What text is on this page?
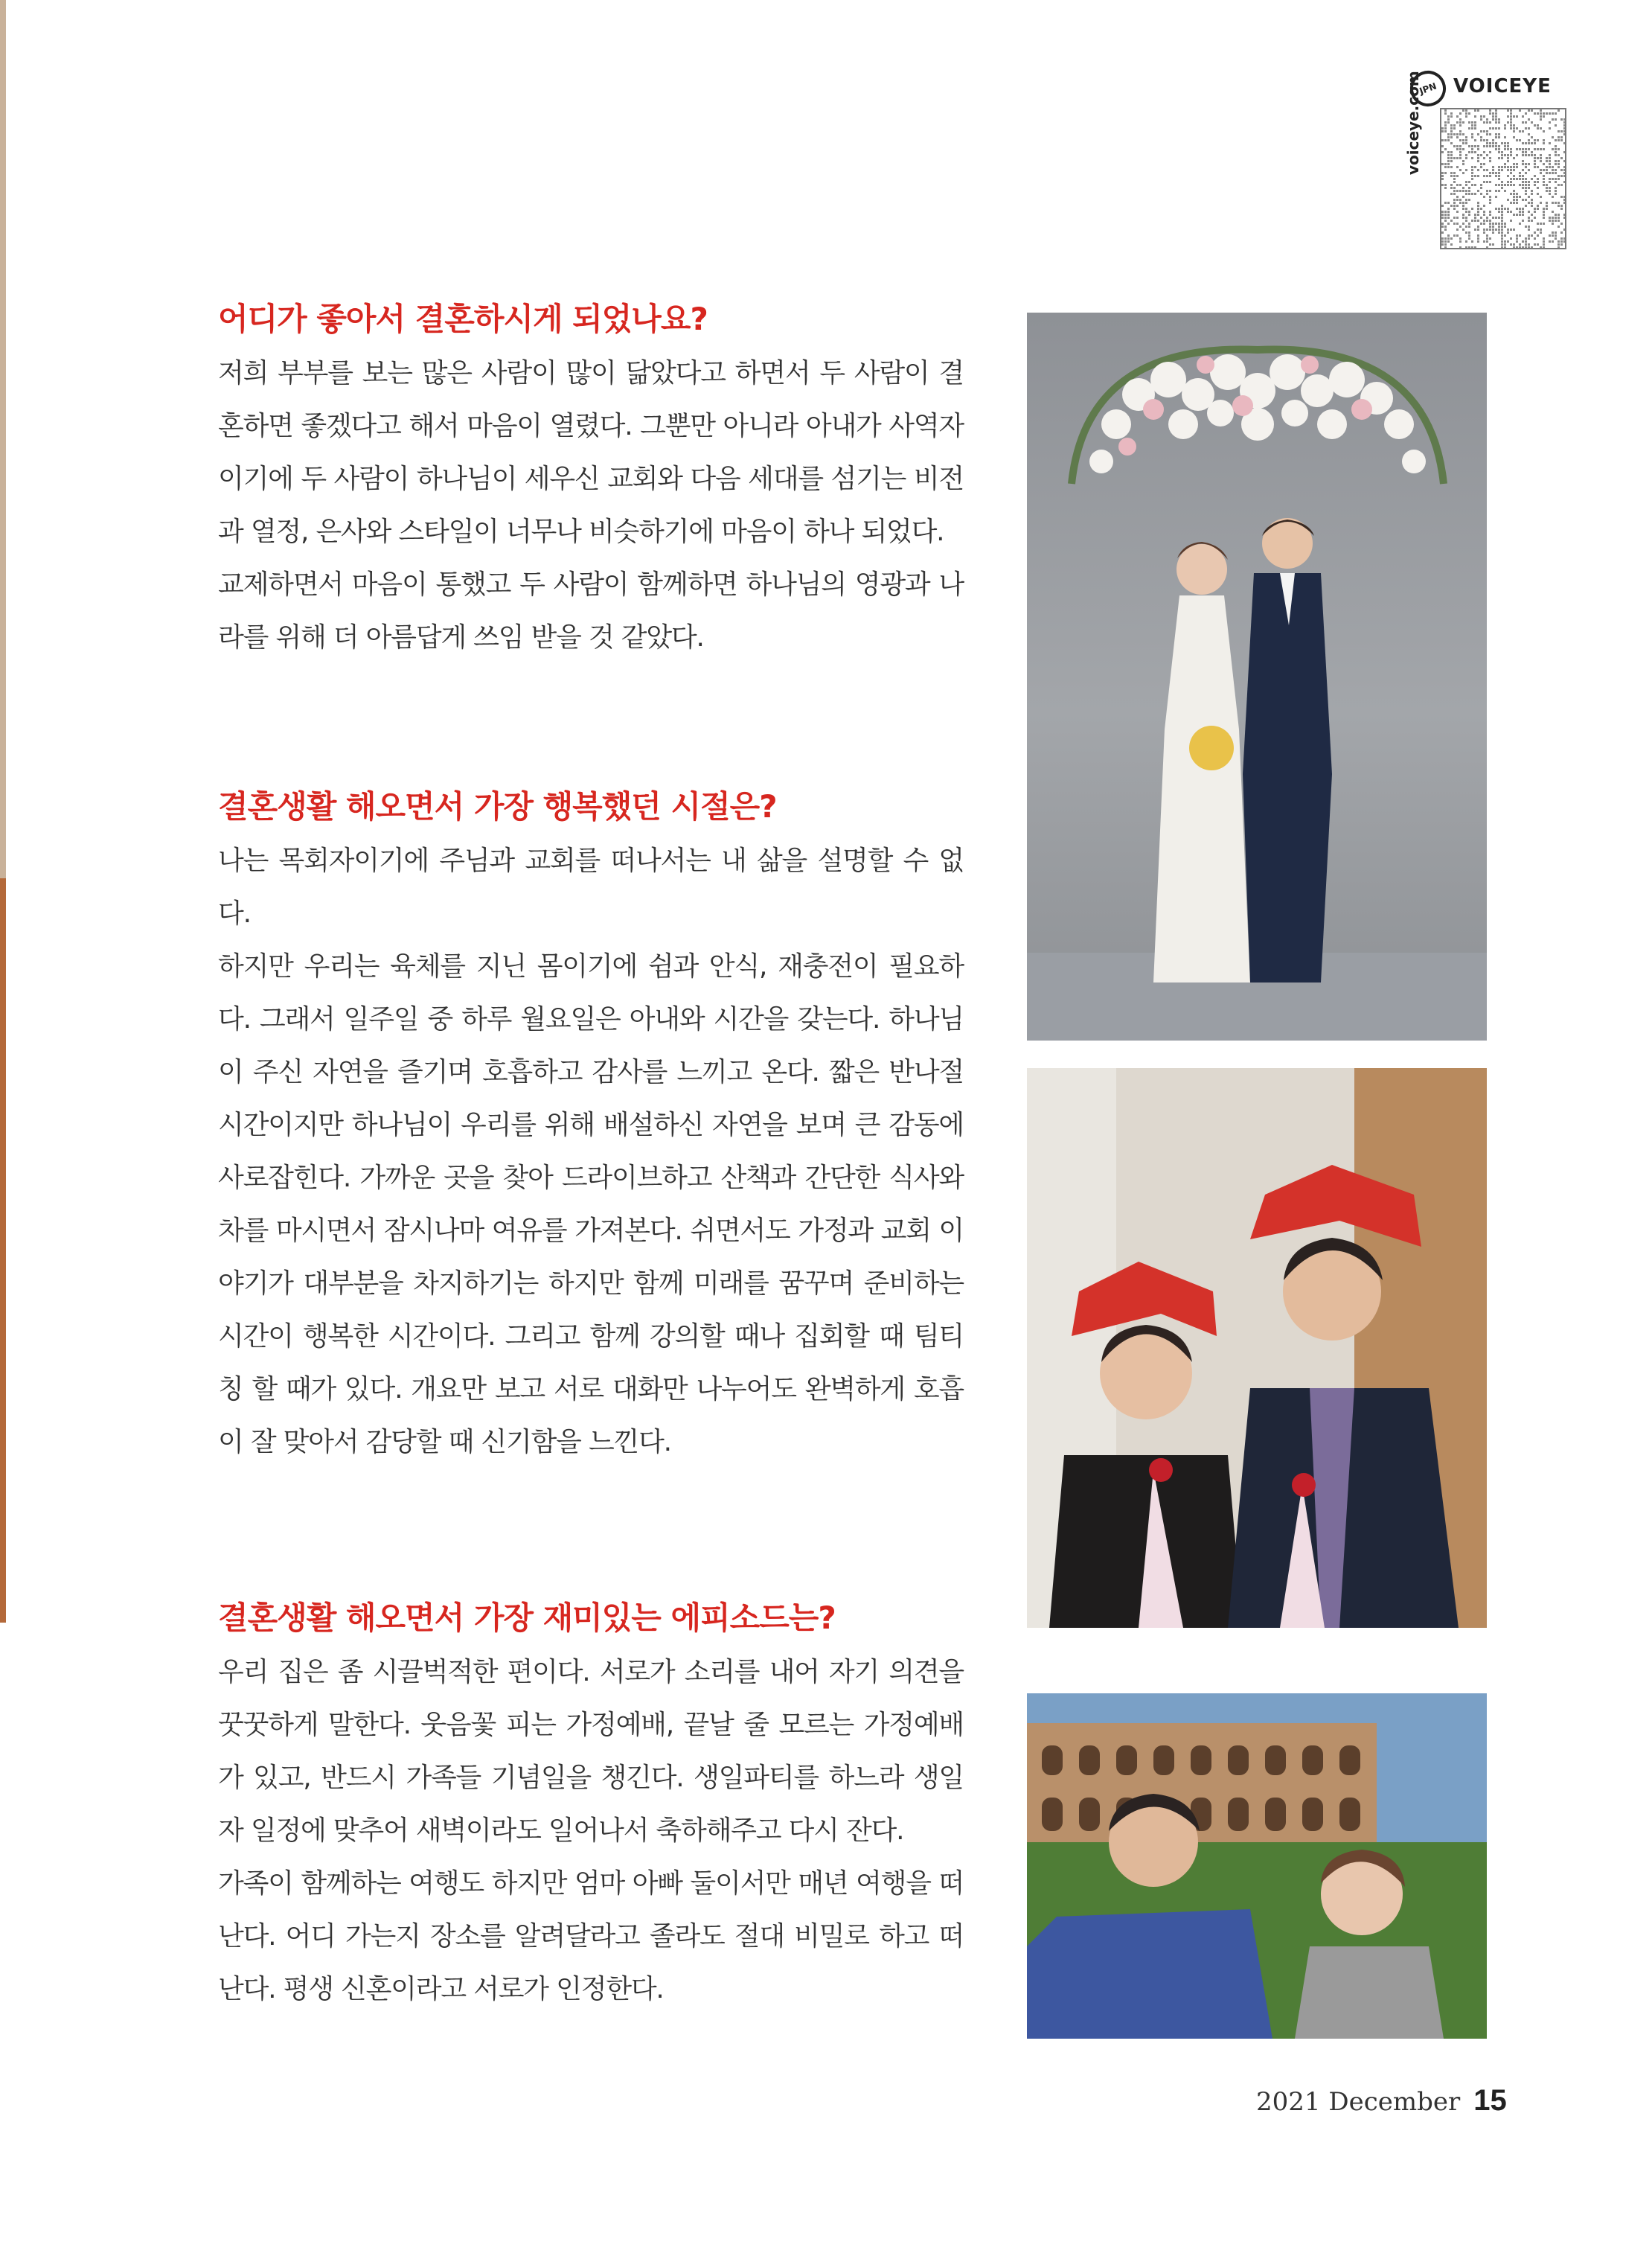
JPN VOICEYE
voiceye.com

어디가 좋아서 결혼하시게 되었나요?

저희 부부를 보는 많은 사람이 많이 닮았다고 하면서 두 사람이 결혼하면 좋겠다고 해서 마음이 열렸다. 그뿐만 아니라 아내가 사역자이기에 두 사람이 하나님이 세우신 교회와 다음 세대를 섬기는 비전과 열정, 은사와 스타일이 너무나 비슷하기에 마음이 하나 되었다.

교제하면서 마음이 통했고 두 사람이 함께하면 하나님의 영광과 나라를 위해 더 아름답게 쓰임 받을 것 같았다.

결혼생활 해오면서 가장 행복했던 시절은?

나는 목회자이기에 주님과 교회를 떠나서는 내 삶을 설명할 수 없다.

하지만 우리는 육체를 지닌 몸이기에 쉼과 안식, 재충전이 필요하다. 그래서 일주일 중 하루 월요일은 아내와 시간을 갖는다. 하나님이 주신 자연을 즐기며 호흡하고 감사를 느끼고 온다. 짧은 반나절 시간이지만 하나님이 우리를 위해 배설하신 자연을 보며 큰 감동에 사로잡힌다. 가까운 곳을 찾아 드라이브하고 산책과 간단한 식사와 차를 마시면서 잠시나마 여유를 가져본다. 쉬면서도 가정과 교회 이야기가 대부분을 차지하기는 하지만 함께 미래를 꿈꾸며 준비하는 시간이 행복한 시간이다. 그리고 함께 강의할 때나 집회할 때 팀티칭 할 때가 있다. 개요만 보고 서로 대화만 나누어도 완벽하게 호흡이 잘 맞아서 감당할 때 신기함을 느낀다.

결혼생활 해오면서 가장 재미있는 에피소드는?

우리 집은 좀 시끌벅적한 편이다. 서로가 소리를 내어 자기 의견을 꿋꿋하게 말한다. 웃음꽃 피는 가정예배, 끝날 줄 모르는 가정예배가 있고, 반드시 가족들 기념일을 챙긴다. 생일파티를 하느라 생일자 일정에 맞추어 새벽이라도 일어나서 축하해주고 다시 잔다.

가족이 함께하는 여행도 하지만 엄마 아빠 둘이서만 매년 여행을 떠난다. 어디 가는지 장소를 알려달라고 졸라도 절대 비밀로 하고 떠난다. 평생 신혼이라고 서로가 인정한다.

2021 December 15
